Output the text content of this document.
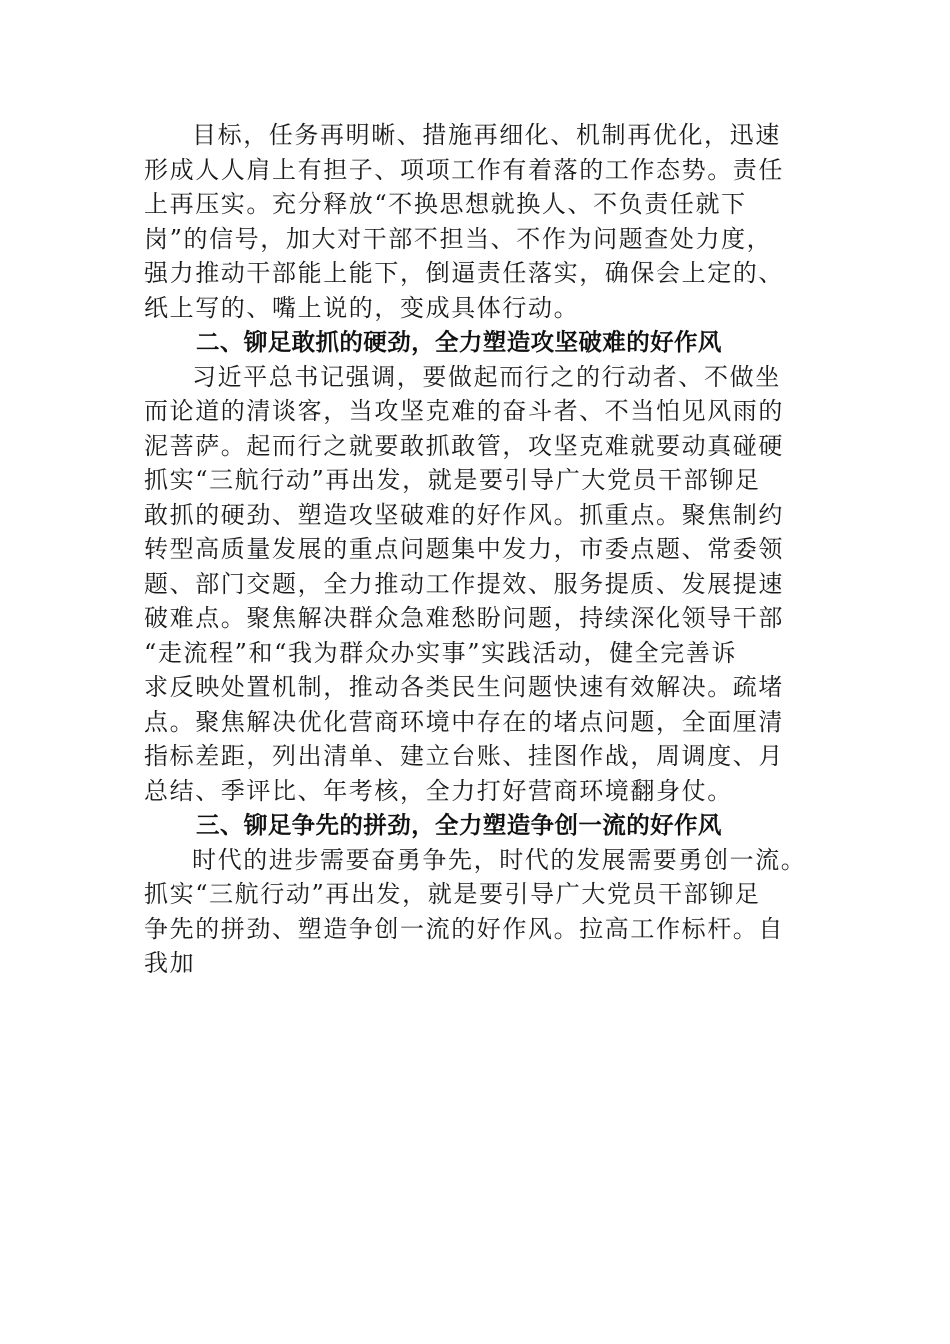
目标，任务再明晰、措施再细化、机制再优化，迅速
形成人人肩上有担子、项项工作有着落的工作态势。责任
上再压实。充分释放“不换思想就换人、不负责任就下
岗”的信号，加大对干部不担当、不作为问题查处力度，
强力推动干部能上能下，倒逼责任落实，确保会上定的、
纸上写的、嘴上说的，变成具体行动。
二、铆足敢抓的硬劲，全力塑造攻坚破难的好作风
习近平总书记强调，要做起而行之的行动者、不做坐
而论道的清谈客，当攻坚克难的奋斗者、不当怕见风雨的
泥菩萨。起而行之就要敢抓敢管，攻坚克难就要动真碰硬
抓实“三航行动”再出发，就是要引导广大党员干部铆足
敢抓的硬劲、塑造攻坚破难的好作风。抓重点。聚焦制约
转型高质量发展的重点问题集中发力，市委点题、常委领
题、部门交题，全力推动工作提效、服务提质、发展提速
破难点。聚焦解决群众急难愁盼问题，持续深化领导干部
“走流程”和“我为群众办实事”实践活动，健全完善诉
求反映处置机制，推动各类民生问题快速有效解决。疏堵
点。聚焦解决优化营商环境中存在的堵点问题，全面厘清
指标差距，列出清单、建立台账、挂图作战，周调度、月
总结、季评比、年考核，全力打好营商环境翻身仗。
三、铆足争先的拼劲，全力塑造争创一流的好作风
时代的进步需要奋勇争先，时代的发展需要勇创一流。
抓实“三航行动”再出发，就是要引导广大党员干部铆足
争先的拼劲、塑造争创一流的好作风。拉高工作标杆。自
我加
